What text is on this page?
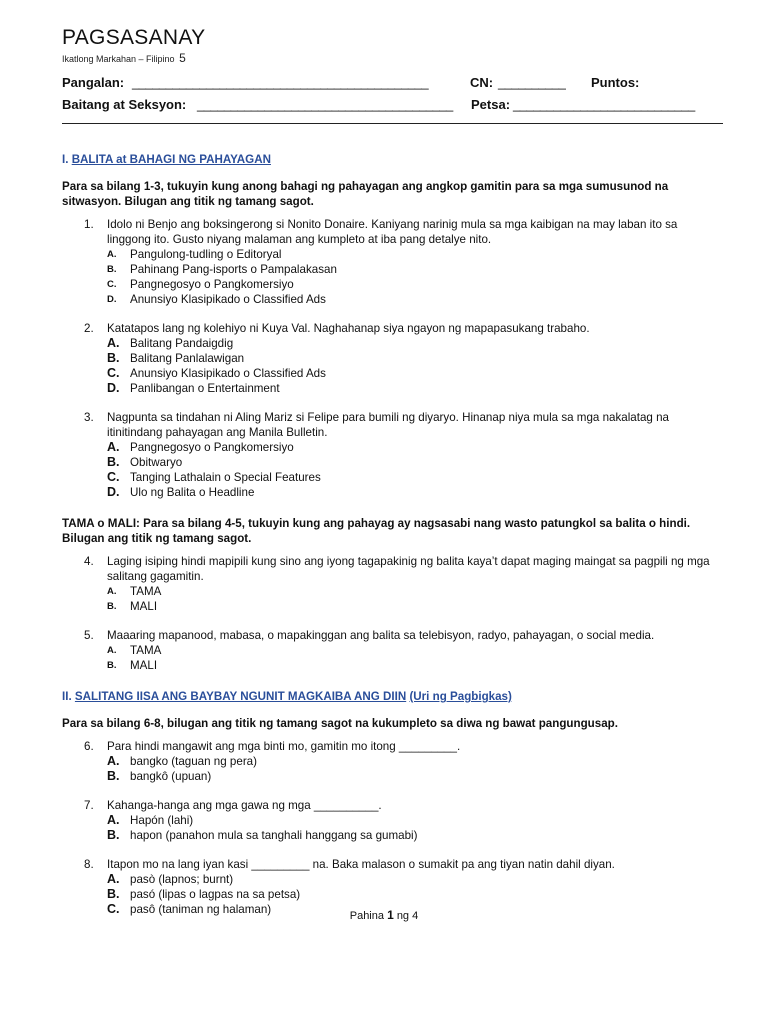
PAGSASANAY
Ikatlong Markahan – Filipino 5
Pangalan: ____________________________________________	CN: __________ Puntos:
Baitang at Seksyon: ______________________________________ Petsa: ___________________________
I. BALITA at BAHAGI NG PAHAYAGAN
Para sa bilang 1-3, tukuyin kung anong bahagi ng pahayagan ang angkop gamitin para sa mga sumusunod na sitwasyon. Bilugan ang titik ng tamang sagot.
1. Idolo ni Benjo ang boksingerong si Nonito Donaire. Kaniyang narinig mula sa mga kaibigan na may laban ito sa linggong ito. Gusto niyang malaman ang kumpleto at iba pang detalye nito.
A. Pangulong-tudling o Editoryal
B. Pahinang Pang-isports o Pampalakasan
C. Pangnegosyo o Pangkomersiyo
D. Anunsiyo Klasipikado o Classified Ads
2. Katatapos lang ng kolehiyo ni Kuya Val. Naghahanap siya ngayon ng mapapasukang trabaho.
A. Balitang Pandaigdig
B. Balitang Panlalawigan
C. Anunsiyo Klasipikado o Classified Ads
D. Panlibangan o Entertainment
3. Nagpunta sa tindahan ni Aling Mariz si Felipe para bumili ng diyaryo. Hinanap niya mula sa mga nakalatag na itinitindang pahayagan ang Manila Bulletin.
A. Pangnegosyo o Pangkomersiyo
B. Obitwaryo
C. Tanging Lathalain o Special Features
D. Ulo ng Balita o Headline
TAMA o MALI: Para sa bilang 4-5, tukuyin kung ang pahayag ay nagsasabi nang wasto patungkol sa balita o hindi. Bilugan ang titik ng tamang sagot.
4. Laging isiping hindi mapipili kung sino ang iyong tagapakinig ng balita kaya’t dapat maging maingat sa pagpili ng mga salitang gagamitin.
A. TAMA
B. MALI
5. Maaaring mapanood, mabasa, o mapakinggan ang balita sa telebisyon, radyo, pahayagan, o social media.
A. TAMA
B. MALI
II. SALITANG IISA ANG BAYBAY NGUNIT MAGKAIBA ANG DIIN (Uri ng Pagbigkas)
Para sa bilang 6-8, bilugan ang titik ng tamang sagot na kukumpleto sa diwa ng bawat pangungusap.
6. Para hindi mangawit ang mga binti mo, gamitin mo itong _________.
A. bangko (taguan ng pera)
B. bangkô (upuan)
7. Kahanga-hanga ang mga gawa ng mga __________.
A. Hapón (lahi)
B. hapon (panahon mula sa tanghali hanggang sa gumabi)
8. Itapon mo na lang iyan kasi _________ na. Baka malason o sumakit pa ang tiyan natin dahil diyan.
A. pasò (lapnos; burnt)
B. pasó (lipas o lagpas na sa petsa)
C. pasô (taniman ng halaman)	Pahina 1 ng 4
